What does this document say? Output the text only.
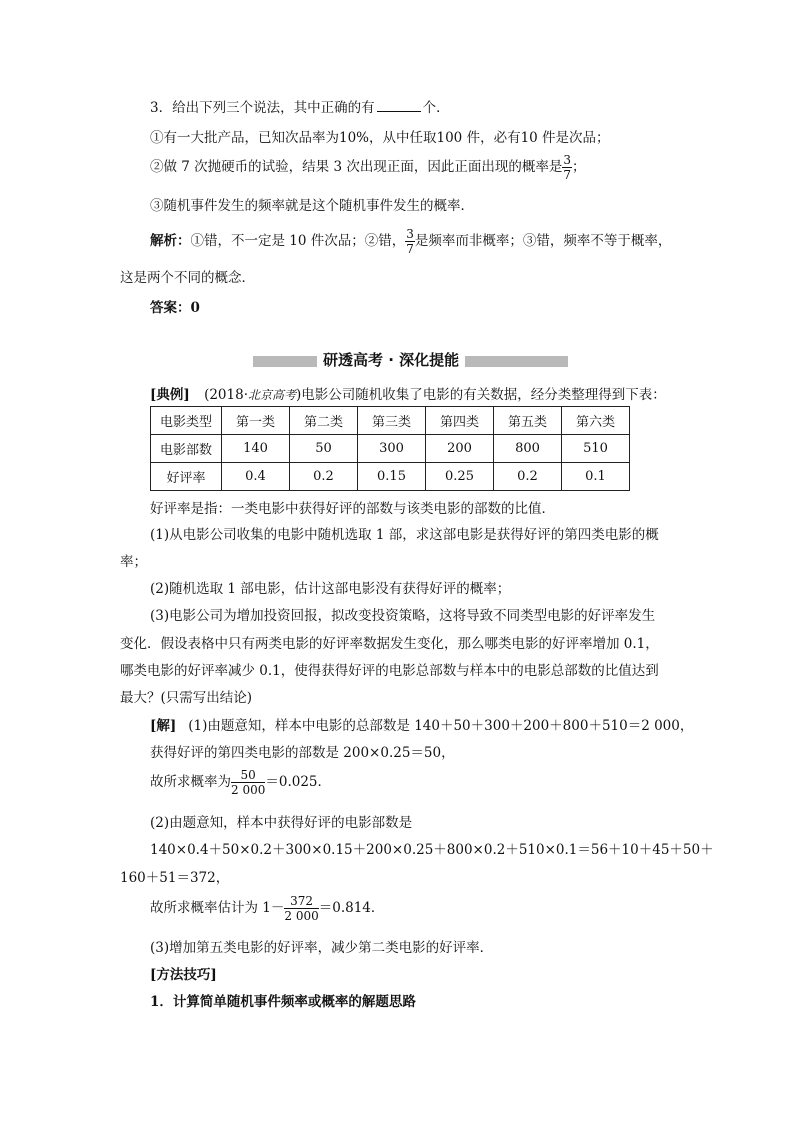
3．给出下列三个说法，其中正确的有	个．
①有一大批产品，已知次品率为10%，从中任取100 件，必有10 件是次品；
②做 7 次抛硬币的试验，结果 3 次出现正面，因此正面出现的概率是 $\frac{3}{7}$ ；
③随机事件发生的频率就是这个随机事件发生的概率．
解析：①错，不一定是 10 件次品；②错， $\frac{3}{7}$ 是频率而非概率；③错，频率不等于概率，
这是两个不同的概念．
答案：0
研透高考 · 深化提能
[典例] (2018·北京高考)电影公司随机收集了电影的有关数据，经分类整理得到下表：
电影类型	第一类	第二类	第三类	第四类	第五类	第六类
电影部数	140	50	300	200	800	510
好评率	0.4	0.2	0.15	0.25	0.2	0.1
好评率是指：一类电影中获得好评的部数与该类电影的部数的比值．
(1)从电影公司收集的电影中随机选取 1 部，求这部电影是获得好评的第四类电影的概
率；
(2)随机选取 1 部电影，估计这部电影没有获得好评的概率；
(3)电影公司为增加投资回报，拟改变投资策略，这将导致不同类型电影的好评率发生
变化．假设表格中只有两类电影的好评率数据发生变化，那么哪类电影的好评率增加 0.1，
哪类电影的好评率减少 0.1，使得获得好评的电影总部数与样本中的电影总部数的比值达到
最大？(只需写出结论)
[解] (1)由题意知，样本中电影的总部数是 140＋50＋300＋200＋800＋510＝2 000，
获得好评的第四类电影的部数是 200×0.25＝50，
故所求概率为 $\frac{50}{2 000} =0.025$．
(2)由题意知，样本中获得好评的电影部数是
140×0.4＋50×0.2＋300×0.15＋200×0.25＋800×0.2＋510×0.1＝56＋10＋45＋50＋
160＋51＝372，
故所求概率估计为 $1- \frac{372}{2 000} =0.814$．
(3)增加第五类电影的好评率，减少第二类电影的好评率．
[方法技巧]
1．计算简单随机事件频率或概率的解题思路
